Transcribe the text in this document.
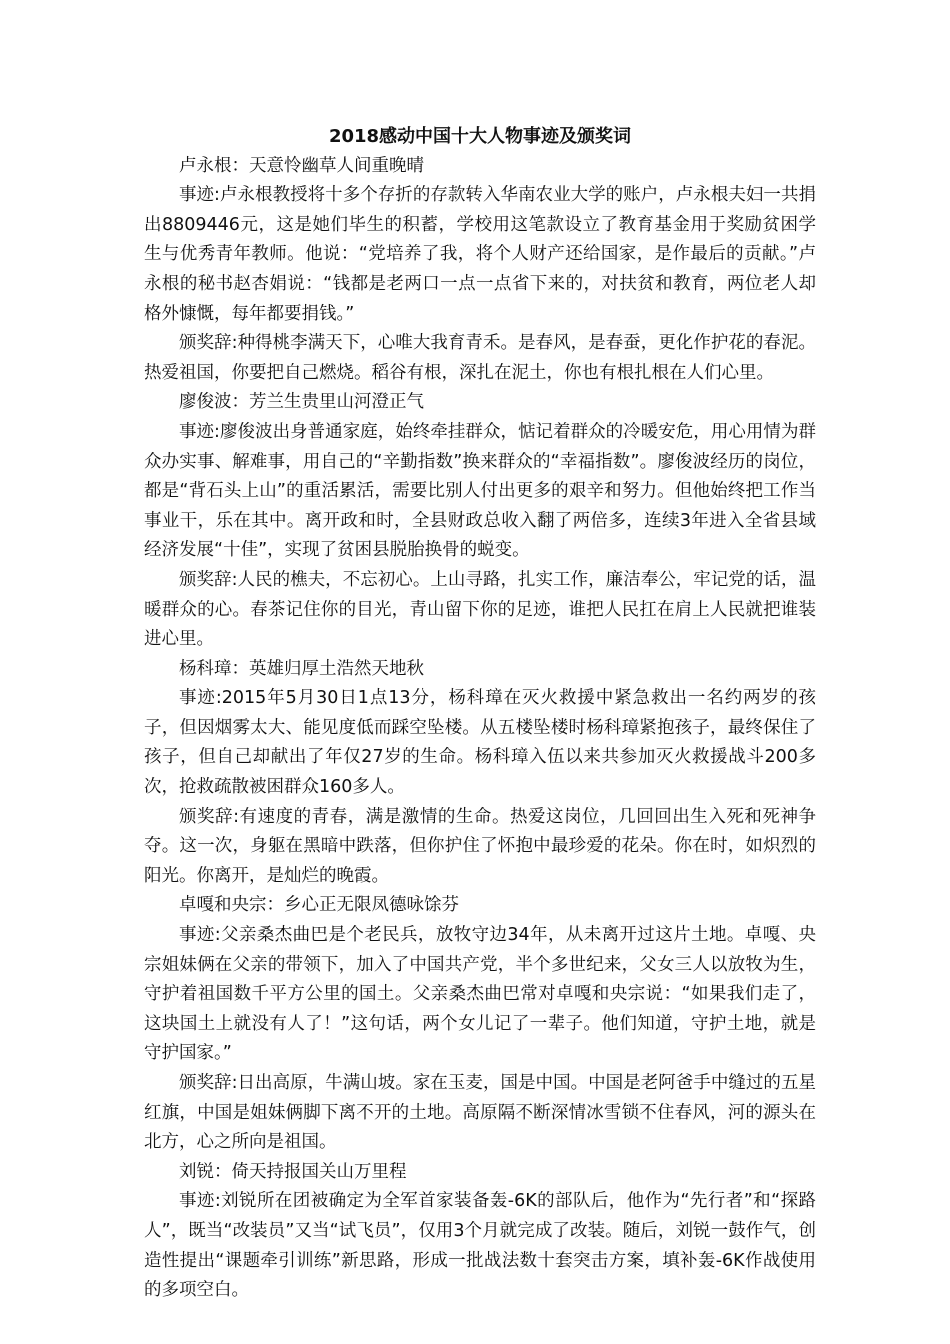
2018感动中国十大人物事迹及颁奖词

卢永根：天意怜幽草人间重晚晴

事迹:卢永根教授将十多个存折的存款转入华南农业大学的账户，卢永根夫妇一共捐出8809446元，这是她们毕生的积蓄，学校用这笔款设立了教育基金用于奖励贫困学生与优秀青年教师。他说：“党培养了我，将个人财产还给国家，是作最后的贡献。”卢永根的秘书赵杏娟说：“钱都是老两口一点一点省下来的，对扶贫和教育，两位老人却格外慷慨，每年都要捐钱。”

颁奖辞:种得桃李满天下，心唯大我育青禾。是春风，是春蚕，更化作护花的春泥。热爱祖国，你要把自己燃烧。稻谷有根，深扎在泥土，你也有根扎根在人们心里。

廖俊波：芳兰生贵里山河澄正气

事迹:廖俊波出身普通家庭，始终牵挂群众，惦记着群众的冷暖安危，用心用情为群众办实事、解难事，用自己的“辛勤指数”换来群众的“幸福指数”。廖俊波经历的岗位，都是“背石头上山”的重活累活，需要比别人付出更多的艰辛和努力。但他始终把工作当事业干，乐在其中。离开政和时，全县财政总收入翻了两倍多，连续3年进入全省县域经济发展“十佳”，实现了贫困县脱胎换骨的蜕变。

颁奖辞:人民的樵夫，不忘初心。上山寻路，扎实工作，廉洁奉公，牢记党的话，温暖群众的心。春茶记住你的目光，青山留下你的足迹，谁把人民扛在肩上人民就把谁装进心里。

杨科璋：英雄归厚土浩然天地秋

事迹:2015年5月30日1点13分，杨科璋在灭火救援中紧急救出一名约两岁的孩子，但因烟雾太大、能见度低而踩空坠楼。从五楼坠楼时杨科璋紧抱孩子，最终保住了孩子，但自己却献出了年仅27岁的生命。杨科璋入伍以来共参加灭火救援战斗200多次，抢救疏散被困群众160多人。

颁奖辞:有速度的青春，满是激情的生命。热爱这岗位，几回回出生入死和死神争夺。这一次，身躯在黑暗中跌落，但你护住了怀抱中最珍爱的花朵。你在时，如炽烈的阳光。你离开，是灿烂的晚霞。

卓嘎和央宗：乡心正无限凤德咏馀芬

事迹:父亲桑杰曲巴是个老民兵，放牧守边34年，从未离开过这片土地。卓嘎、央宗姐妹俩在父亲的带领下，加入了中国共产党，半个多世纪来，父女三人以放牧为生，守护着祖国数千平方公里的国土。父亲桑杰曲巴常对卓嘎和央宗说：“如果我们走了，这块国土上就没有人了！”这句话，两个女儿记了一辈子。他们知道，守护土地，就是守护国家。”

颁奖辞:日出高原，牛满山坡。家在玉麦，国是中国。中国是老阿爸手中缝过的五星红旗，中国是姐妹俩脚下离不开的土地。高原隔不断深情冰雪锁不住春风，河的源头在北方，心之所向是祖国。

刘锐：倚天持报国关山万里程

事迹:刘锐所在团被确定为全军首家装备轰-6K的部队后，他作为“先行者”和“探路人”，既当“改装员”又当“试飞员”，仅用3个月就完成了改装。随后，刘锐一鼓作气，创造性提出“课题牵引训练”新思路，形成一批战法数十套突击方案，填补轰-6K作战使用的多项空白。
